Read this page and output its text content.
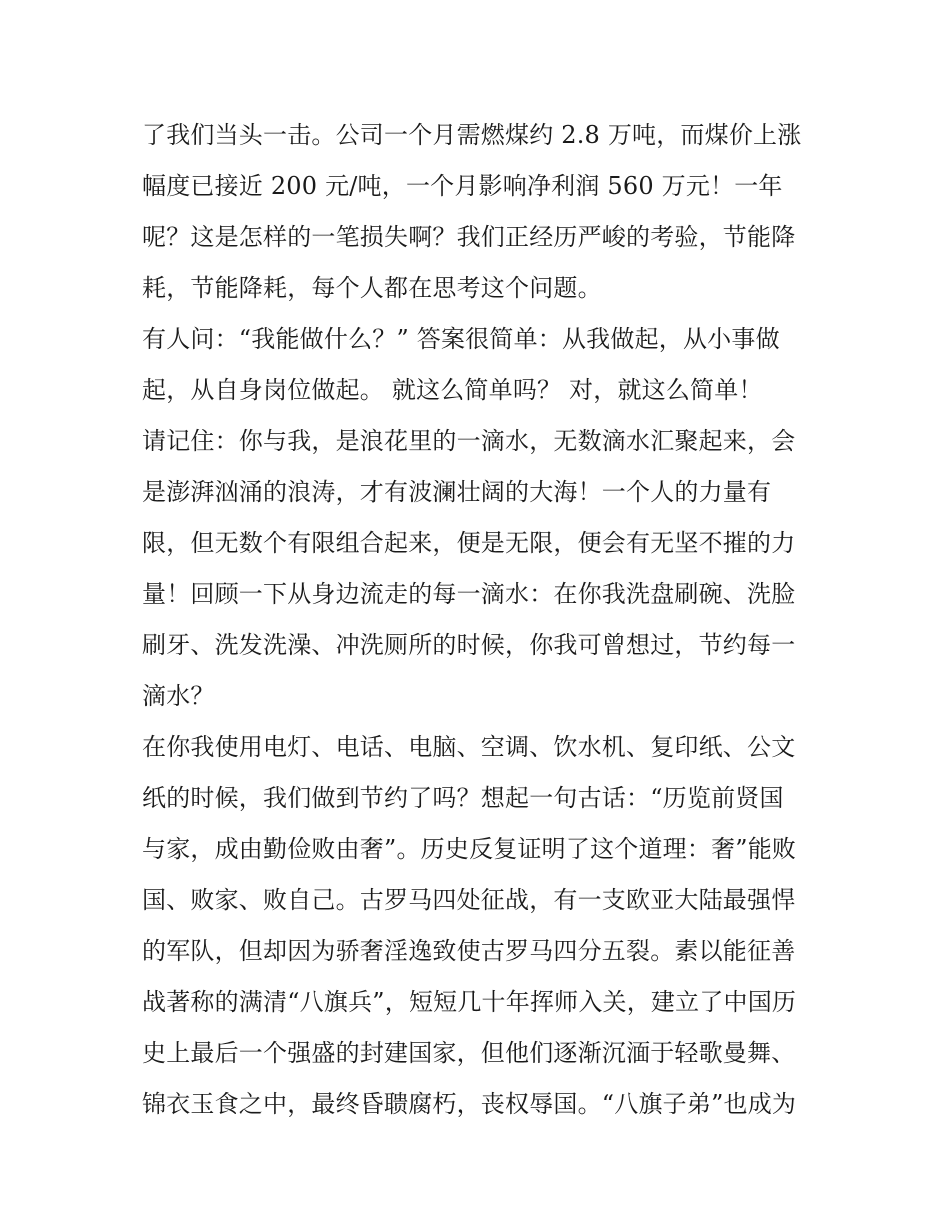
了我们当头一击。公司一个月需燃煤约 2.8 万吨，而煤价上涨
幅度已接近 200 元/吨，一个月影响净利润 560 万元！一年
呢？这是怎样的一笔损失啊？我们正经历严峻的考验，节能降
耗，节能降耗，每个人都在思考这个问题。
有人问：“我能做什么？” 答案很简单：从我做起，从小事做
起，从自身岗位做起。 就这么简单吗？ 对，就这么简单！
请记住：你与我，是浪花里的一滴水，无数滴水汇聚起来，会
是澎湃汹涌的浪涛，才有波澜壮阔的大海！一个人的力量有
限，但无数个有限组合起来，便是无限，便会有无坚不摧的力
量！回顾一下从身边流走的每一滴水：在你我洗盘刷碗、洗脸
刷牙、洗发洗澡、冲洗厕所的时候，你我可曾想过，节约每一
滴水？
在你我使用电灯、电话、电脑、空调、饮水机、复印纸、公文
纸的时候，我们做到节约了吗？想起一句古话：“历览前贤国
与家，成由勤俭败由奢”。历史反复证明了这个道理：奢”能败
国、败家、败自己。古罗马四处征战，有一支欧亚大陆最强悍
的军队，但却因为骄奢淫逸致使古罗马四分五裂。素以能征善
战著称的满清“八旗兵”，短短几十年挥师入关，建立了中国历
史上最后一个强盛的封建国家，但他们逐渐沉湎于轻歌曼舞、
锦衣玉食之中，最终昏聩腐朽，丧权辱国。“八旗子弟”也成为
